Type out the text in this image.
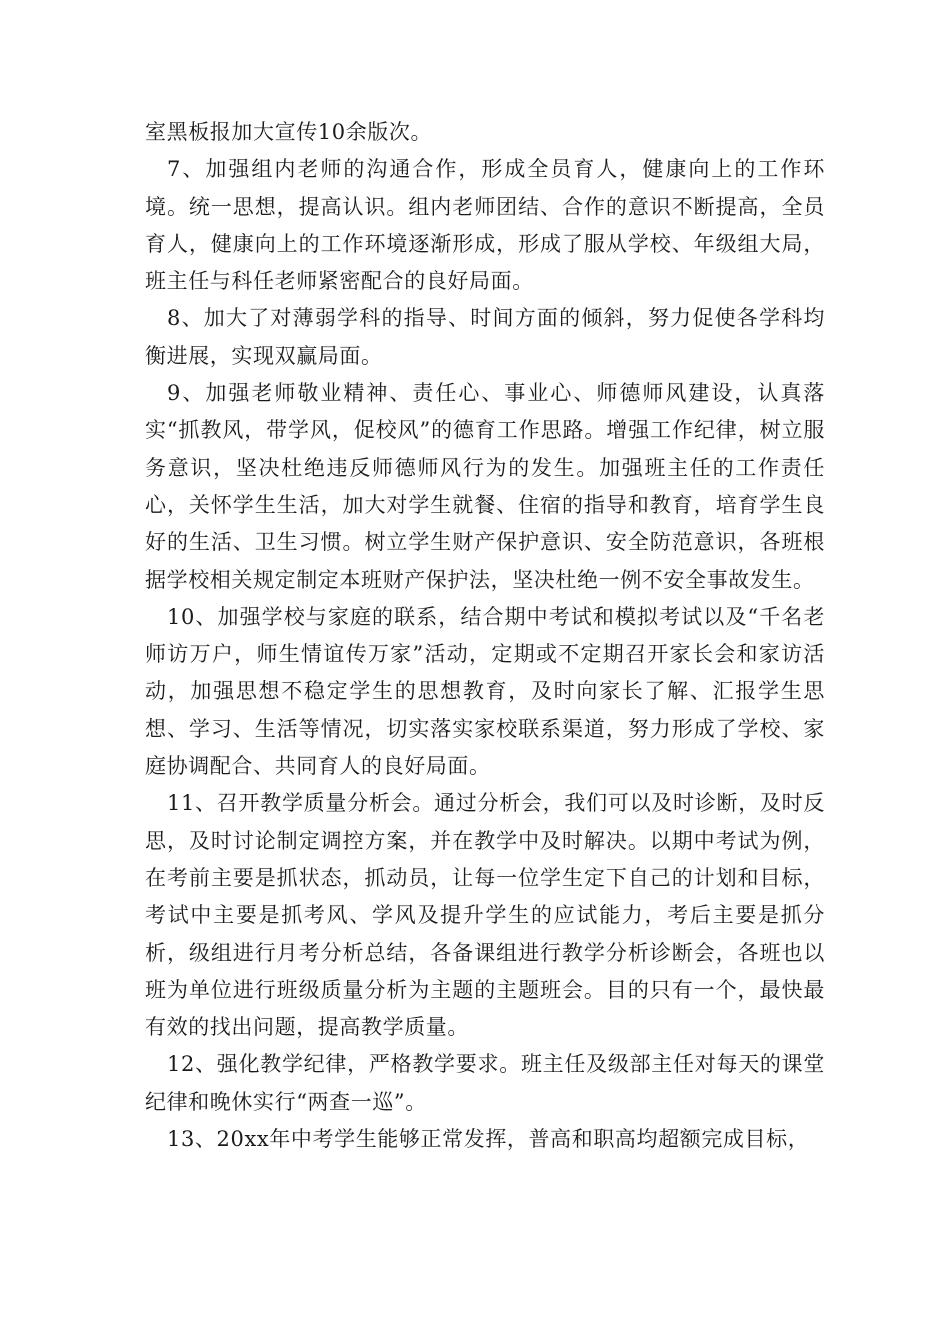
室黑板报加大宣传10余版次。

7、加强组内老师的沟通合作，形成全员育人，健康向上的工作环境。统一思想，提高认识。组内老师团结、合作的意识不断提高，全员育人，健康向上的工作环境逐渐形成，形成了服从学校、年级组大局，班主任与科任老师紧密配合的良好局面。

8、加大了对薄弱学科的指导、时间方面的倾斜，努力促使各学科均衡进展，实现双赢局面。

9、加强老师敬业精神、责任心、事业心、师德师风建设，认真落实“抓教风，带学风，促校风”的德育工作思路。增强工作纪律，树立服务意识，坚决杜绝违反师德师风行为的发生。加强班主任的工作责任心，关怀学生生活，加大对学生就餐、住宿的指导和教育，培育学生良好的生活、卫生习惯。树立学生财产保护意识、安全防范意识，各班根据学校相关规定制定本班财产保护法，坚决杜绝一例不安全事故发生。

10、加强学校与家庭的联系，结合期中考试和模拟考试以及“千名老师访万户，师生情谊传万家”活动，定期或不定期召开家长会和家访活动，加强思想不稳定学生的思想教育，及时向家长了解、汇报学生思想、学习、生活等情况，切实落实家校联系渠道，努力形成了学校、家庭协调配合、共同育人的良好局面。

11、召开教学质量分析会。通过分析会，我们可以及时诊断，及时反思，及时讨论制定调控方案，并在教学中及时解决。以期中考试为例，在考前主要是抓状态，抓动员，让每一位学生定下自己的计划和目标，考试中主要是抓考风、学风及提升学生的应试能力，考后主要是抓分析，级组进行月考分析总结，各备课组进行教学分析诊断会，各班也以班为单位进行班级质量分析为主题的主题班会。目的只有一个，最快最有效的找出问题，提高教学质量。

12、强化教学纪律，严格教学要求。班主任及级部主任对每天的课堂纪律和晚休实行“两查一巡”。

13、20xx年中考学生能够正常发挥，普高和职高均超额完成目标，
